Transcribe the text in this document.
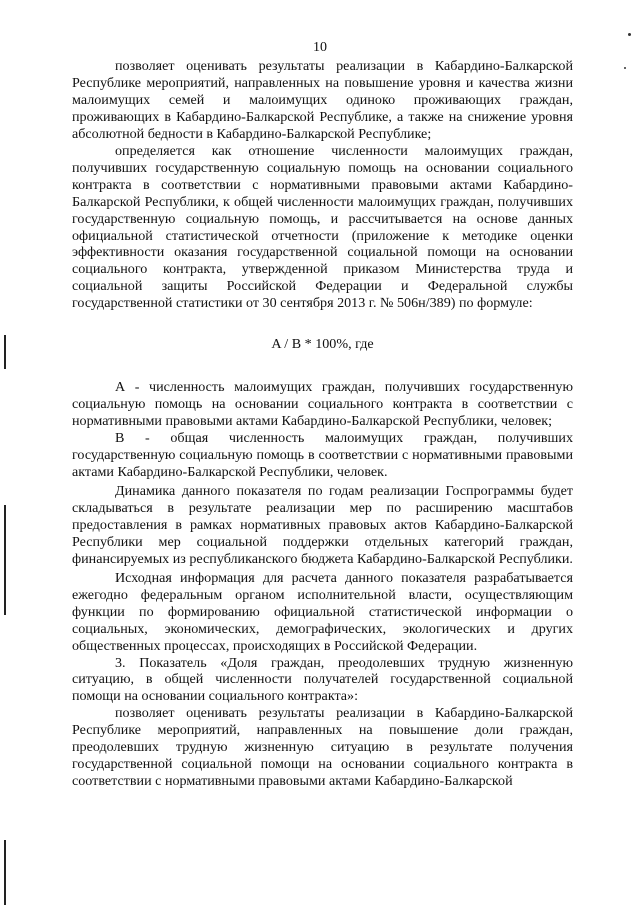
10

позволяет оценивать результаты реализации в Кабардино-Балкарской Республике мероприятий, направленных на повышение уровня и качества жизни малоимущих семей и малоимущих одиноко проживающих граждан, проживающих в Кабардино-Балкарской Республике, а также на снижение уровня абсолютной бедности в Кабардино-Балкарской Республике;

определяется как отношение численности малоимущих граждан, получивших государственную социальную помощь на основании социального контракта в соответствии с нормативными правовыми актами Кабардино-Балкарской Республики, к общей численности малоимущих граждан, получивших государственную социальную помощь, и рассчитывается на основе данных официальной статистической отчетности (приложение к методике оценки эффективности оказания государственной социальной помощи на основании социального контракта, утвержденной приказом Министерства труда и социальной защиты Российской Федерации и Федеральной службы государственной статистики от 30 сентября 2013 г. № 506н/389) по формуле:

A / B * 100%, где

А - численность малоимущих граждан, получивших государственную социальную помощь на основании социального контракта в соответствии с нормативными правовыми актами Кабардино-Балкарской Республики, человек;

В - общая численность малоимущих граждан, получивших государственную социальную помощь в соответствии с нормативными правовыми актами Кабардино-Балкарской Республики, человек.

Динамика данного показателя по годам реализации Госпрограммы будет складываться в результате реализации мер по расширению масштабов предоставления в рамках нормативных правовых актов Кабардино-Балкарской Республики мер социальной поддержки отдельных категорий граждан, финансируемых из республиканского бюджета Кабардино-Балкарской Республики.

Исходная информация для расчета данного показателя разрабатывается ежегодно федеральным органом исполнительной власти, осуществляющим функции по формированию официальной статистической информации о социальных, экономических, демографических, экологических и других общественных процессах, происходящих в Российской Федерации.

3. Показатель «Доля граждан, преодолевших трудную жизненную ситуацию, в общей численности получателей государственной социальной помощи на основании социального контракта»:

позволяет оценивать результаты реализации в Кабардино-Балкарской Республике мероприятий, направленных на повышение доли граждан, преодолевших трудную жизненную ситуацию в результате получения государственной социальной помощи на основании социального контракта в соответствии с нормативными правовыми актами Кабардино-Балкарской
